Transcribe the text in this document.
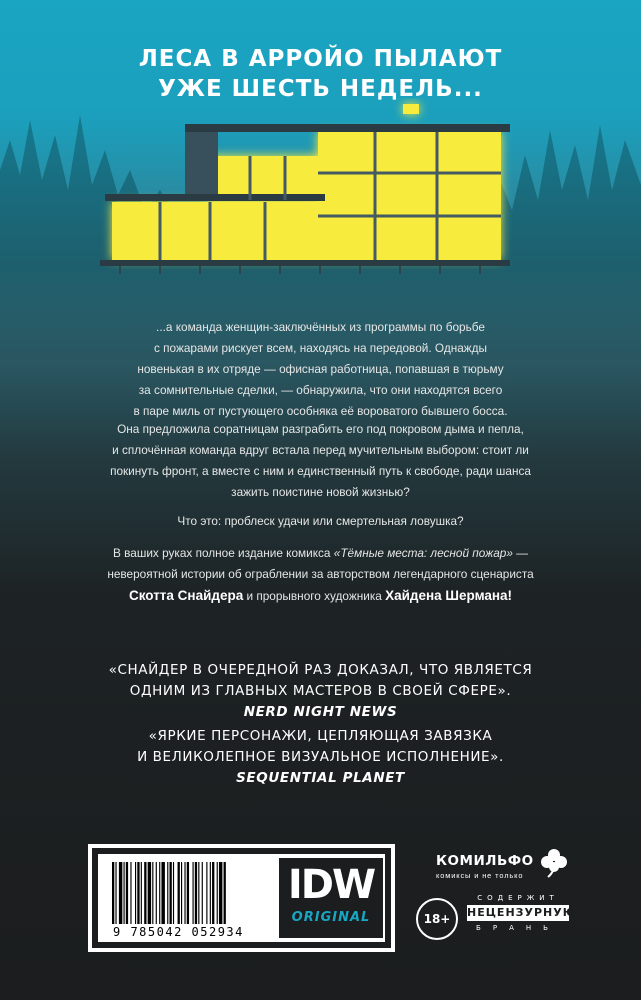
ЛЕСА В АРРОЙО ПЫЛАЮТ
УЖЕ ШЕСТЬ НЕДЕЛЬ...
...а команда женщин-заключённых из программы по борьбе
с пожарами рискует всем, находясь на передовой. Однажды
новенькая в их отряде — офисная работница, попавшая в тюрьму
за сомнительные сделки, — обнаружила, что они находятся всего
в паре миль от пустующего особняка её вороватого бывшего босса.
Она предложила соратницам разграбить его под покровом дыма и пепла,
и сплочённая команда вдруг встала перед мучительным выбором: стоит ли
покинуть фронт, а вместе с ним и единственный путь к свободе, ради шанса
зажить поистине новой жизнью?
Что это: проблеск удачи или смертельная ловушка?
В ваших руках полное издание комикса «Тёмные места: лесной пожар» —
невероятной истории об ограблении за авторством легендарного сценариста
Скотта Снайдера и прорывного художника Хайдена Шермана!
«СНАЙДЕР В ОЧЕРЕДНОЙ РАЗ ДОКАЗАЛ, ЧТО ЯВЛЯЕТСЯ
ОДНИМ ИЗ ГЛАВНЫХ МАСТЕРОВ В СВОЕЙ СФЕРЕ».
NERD NIGHT NEWS
«ЯРКИЕ ПЕРСОНАЖИ, ЦЕПЛЯЮЩАЯ ЗАВЯЗКА
И ВЕЛИКОЛЕПНОЕ ВИЗУАЛЬНОЕ ИСПОЛНЕНИЕ».
SEQUENTIAL PLANET
9 785042 052934
IDW
ORIGINAL
КОМИЛЬФО
комиксы и не только
18+
СОДЕРЖИТ
НЕЦЕНЗУРНУЮ
БРАНЬ
